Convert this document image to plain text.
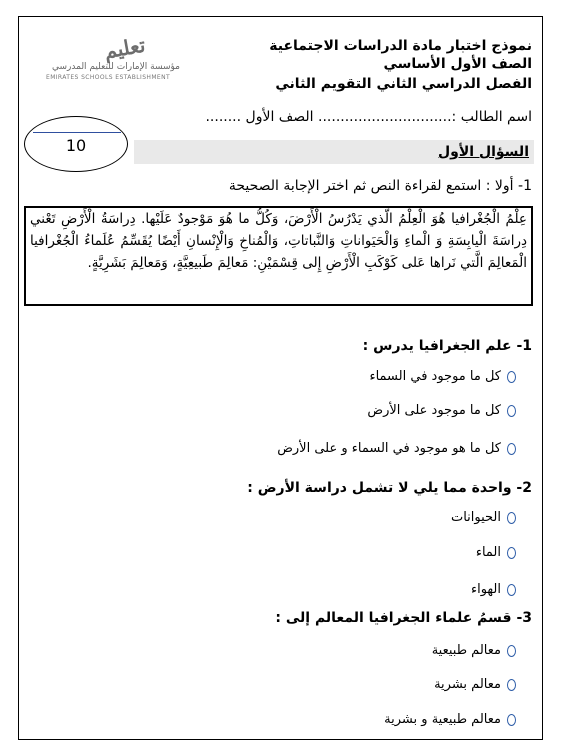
نموذج اختبار مادة الدراسات الاجتماعية
الصف الأول الأساسي
الفصل الدراسي الثاني التقويم الثاني
تعليم
مؤسسة الإمارات للتعليم المدرسي
EMIRATES SCHOOLS ESTABLISHMENT
اسم الطالب :.............................. الصف الأول ........
10	السؤال الأول
1- أولا : استمع لقراءة النص ثم اختر الإجابة الصحيحة
عِلْمُ الْجُغْرافيا هُوَ الْعِلْمُ الَّذي يَدْرُسُ الْأَرْضَ، وَكُلُّ ما هُوَ مَوْجودٌ عَلَيْها. دِراسَةُ الْأَرْضِ تَعْني دِراسَةَ الْيابِسَةِ وَ الْماءِ وَالْحَيَواناتِ وَالنَّباتاتِ، وَالْمُناخِ وَالْإِنْسانِ أَيْضًا يُقَسِّمُ عُلَماءُ الْجُغْرافيا الْمَعالِمَ الَّتي نَراها عَلى كَوْكَبِ الْأَرْضِ إِلى قِسْمَيْنِ: مَعالِمَ طَبيعِيَّةٍ، وَمَعالِمَ بَشَرِيَّةٍ.
1- علم الجغرافيا يدرس :
كل ما موجود في السماء
كل ما موجود على الأرض
كل ما هو موجود في السماء و على الأرض
2- واحدة مما يلي لا تشمل دراسة الأرض :
الحيوانات
الماء
الهواء
3- قسمُ علماء الجغرافيا المعالم إلى :
معالم طبيعية
معالم بشرية
معالم طبيعية و بشرية
